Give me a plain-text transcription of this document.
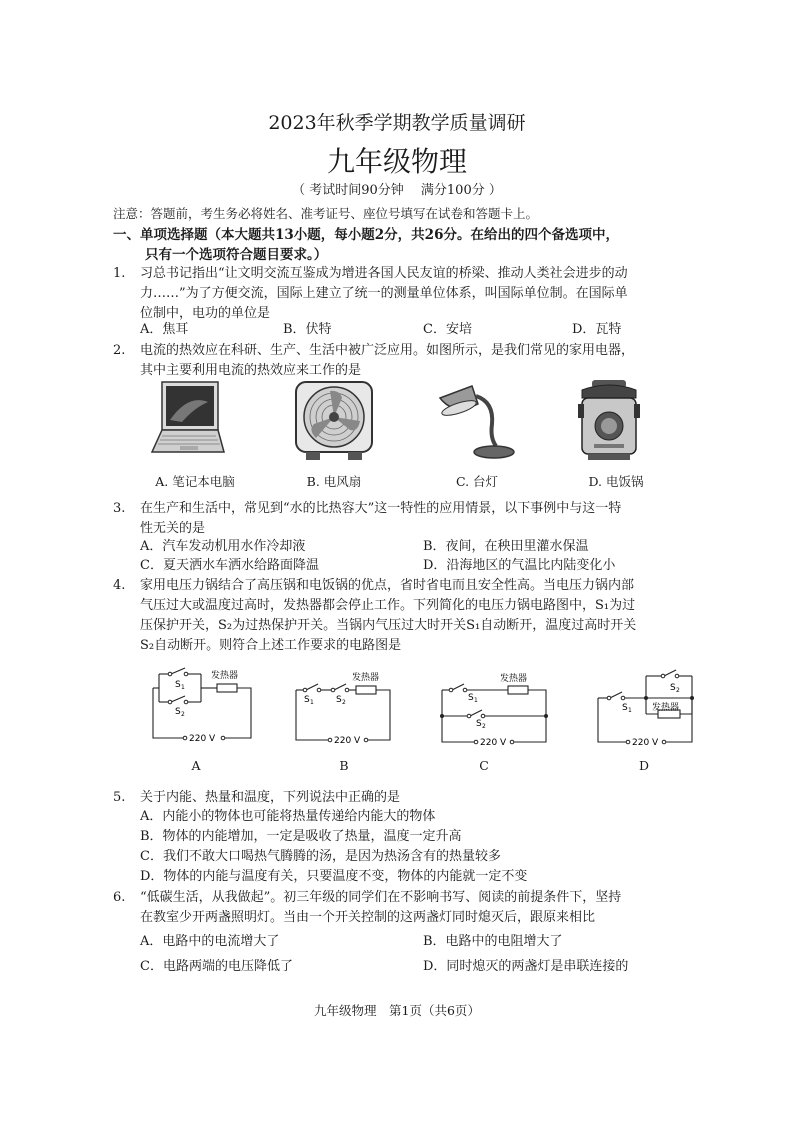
2023年秋季学期教学质量调研
九年级物理
（ 考试时间90分钟　 满分100分 ）
注意：答题前，考生务必将姓名、准考证号、座位号填写在试卷和答题卡上。
一、单项选择题（本大题共13小题，每小题2分，共26分。在给出的四个备选项中，
只有一个选项符合题目要求。）
1. 习总书记指出“让文明交流互鉴成为增进各国人民友谊的桥梁、推动人类社会进步的动
力……”为了方便交流，国际上建立了统一的测量单位体系，叫国际单位制。在国际单
位制中，电功的单位是
A．焦耳	B．伏特	C．安培	D．瓦特
2. 电流的热效应在科研、生产、生活中被广泛应用。如图所示，是我们常见的家用电器，
其中主要利用电流的热效应来工作的是
A. 笔记本电脑	B. 电风扇	C. 台灯	D. 电饭锅
3. 在生产和生活中，常见到“水的比热容大”这一特性的应用情景，以下事例中与这一特
性无关的是
A．汽车发动机用水作冷却液	B．夜间，在秧田里灌水保温
C．夏天洒水车洒水给路面降温	D．沿海地区的气温比内陆变化小
4. 家用电压力锅结合了高压锅和电饭锅的优点，省时省电而且安全性高。当电压力锅内部
气压过大或温度过高时，发热器都会停止工作。下列简化的电压力锅电路图中，S₁为过
压保护开关，S₂为过热保护开关。当锅内气压过大时开关S₁自动断开，温度过高时开关
S₂自动断开。则符合上述工作要求的电路图是
S 1
S 2
发热器
220 V
A
S 1 S 2
发热器
220 V
B
S 1
S 2
发热器
220 V
C
S 1
S 2
发热器
220 V
D
5. 关于内能、热量和温度，下列说法中正确的是
A．内能小的物体也可能将热量传递给内能大的物体
B．物体的内能增加，一定是吸收了热量，温度一定升高
C．我们不敢大口喝热气腾腾的汤，是因为热汤含有的热量较多
D．物体的内能与温度有关，只要温度不变，物体的内能就一定不变
6. “低碳生活，从我做起”。初三年级的同学们在不影响书写、阅读的前提条件下，坚持
在教室少开两盏照明灯。当由一个开关控制的这两盏灯同时熄灭后，跟原来相比
A．电路中的电流增大了	B．电路中的电阻增大了
C．电路两端的电压降低了	D．同时熄灭的两盏灯是串联连接的
九年级物理　第1页（共6页）
